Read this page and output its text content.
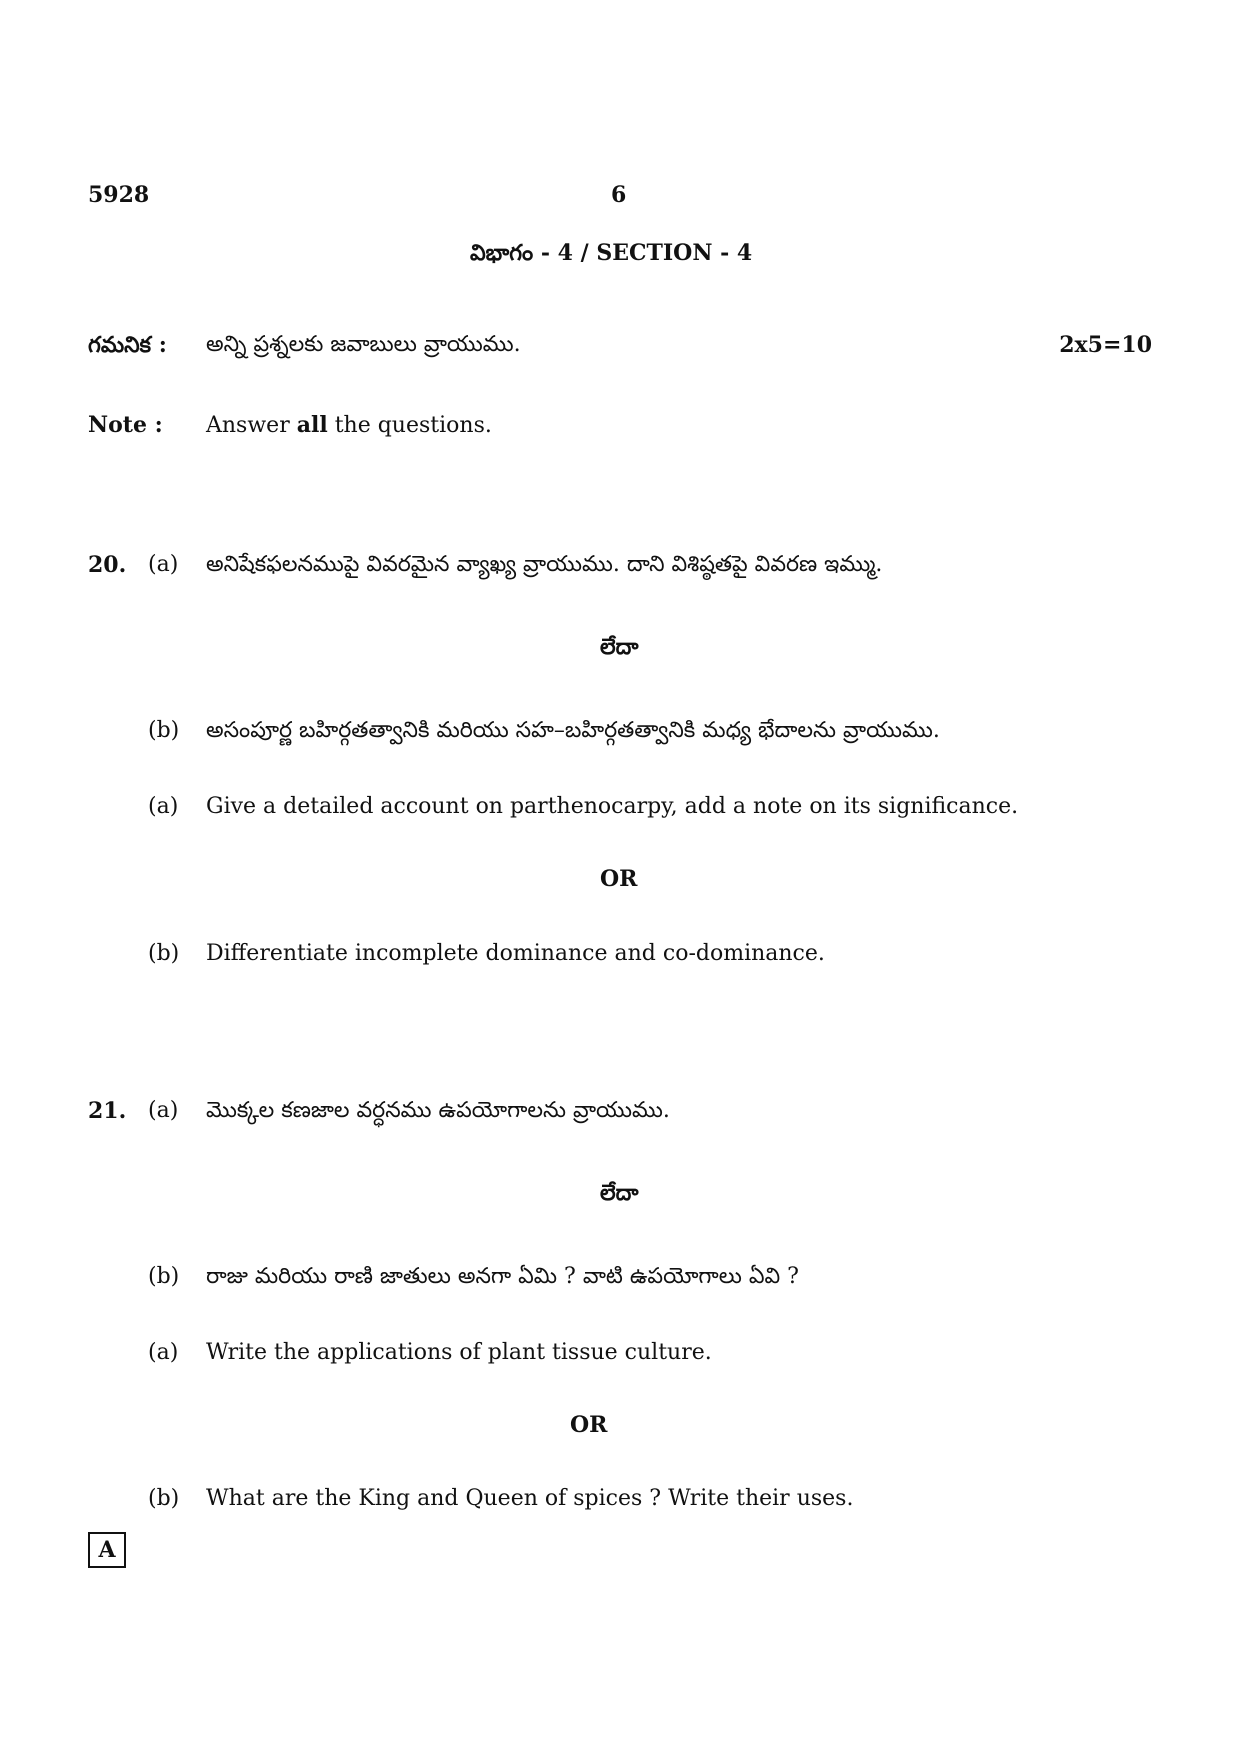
5928	6
విభాగం - 4 / SECTION - 4
గమనిక : అన్ని ప్రశ్నలకు జవాబులు వ్రాయుము.	2x5=10
Note : Answer all the questions.
20. (a) అనిషేకఫలనముపై వివరమైన వ్యాఖ్య వ్రాయుము. దాని విశిష్ఠతపై వివరణ ఇమ్ము.
లేదా
(b) అసంపూర్ణ బహిర్గతత్వానికి మరియు సహ–బహిర్గతత్వానికి మధ్య భేదాలను వ్రాయుము.
(a) Give a detailed account on parthenocarpy, add a note on its significance.
OR
(b) Differentiate incomplete dominance and co-dominance.
21. (a) మొక్కల కణజాల వర్ధనము ఉపయోగాలను వ్రాయుము.
లేదా
(b) రాజు మరియు రాణి జాతులు అనగా ఏమి ? వాటి ఉపయోగాలు ఏవి ?
(a) Write the applications of plant tissue culture.
OR
(b) What are the King and Queen of spices ? Write their uses.
A
